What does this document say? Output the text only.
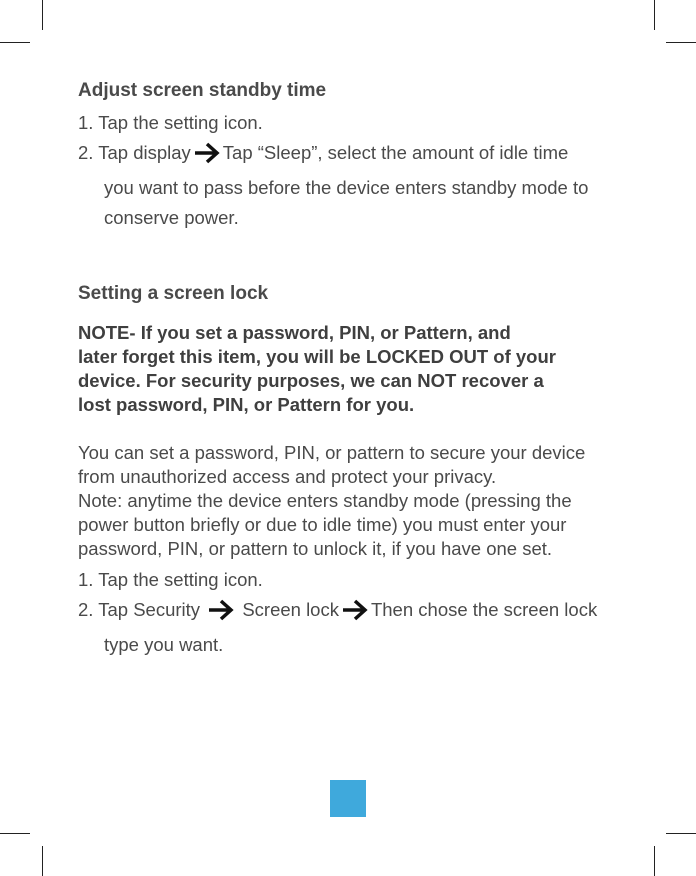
Adjust screen standby time
1. Tap the setting icon.
2. Tap display Tap “Sleep”, select the amount of idle time
you want to pass before the device enters standby mode to
conserve power.
Setting a screen lock

NOTE- If you set a password, PIN, or Pattern, and

later forget this item, you will be LOCKED OUT of your

device. For security purposes, we can NOT recover a

lost password, PIN, or Pattern for you.

You can set a password, PIN, or pattern to secure your device

from unauthorized access and protect your privacy.

Note: anytime the device enters standby mode (pressing the

power button briefly or due to idle time) you must enter your

password, PIN, or pattern to unlock it, if you have one set.

1. Tap the setting icon.
2. Tap Security Screen lock Then chose the screen lock
type you want.
